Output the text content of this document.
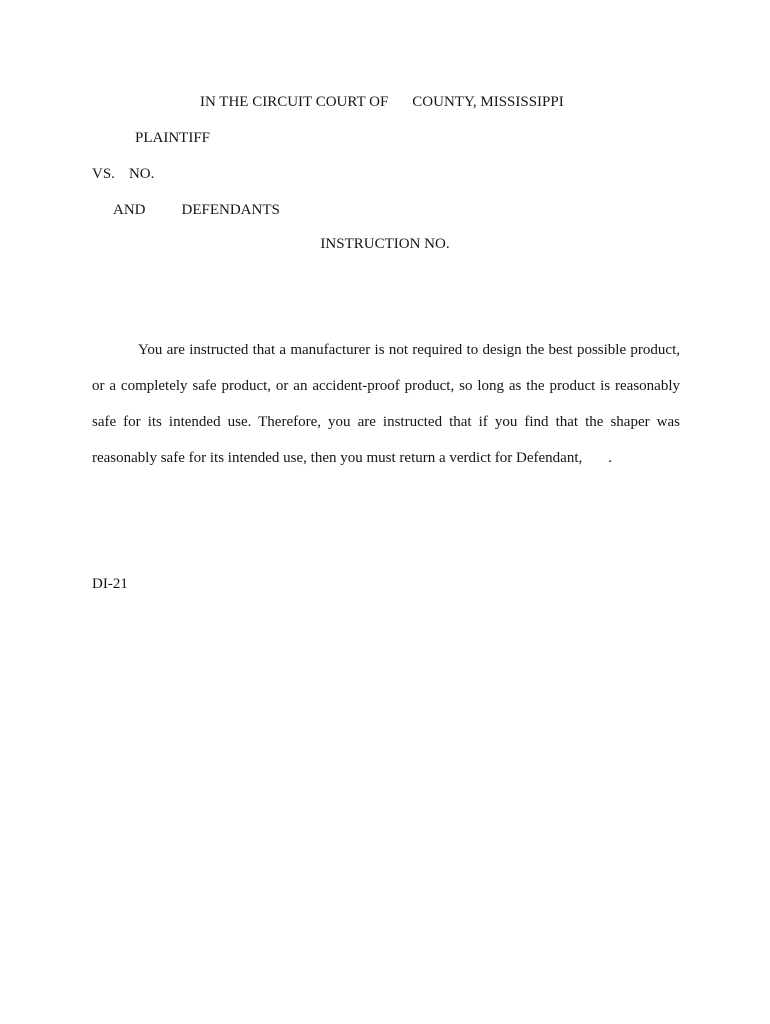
IN THE CIRCUIT COURT OF COUNTY, MISSISSIPPI
PLAINTIFF
VS. NO.
AND DEFENDANTS
INSTRUCTION NO.
You are instructed that a manufacturer is not required to design the best possible product,
or a completely safe product, or an accident-proof product, so long as the product is reasonably
safe for its intended use. Therefore, you are instructed that if you find that the shaper was
reasonably safe for its intended use, then you must return a verdict for Defendant, .
DI-21
